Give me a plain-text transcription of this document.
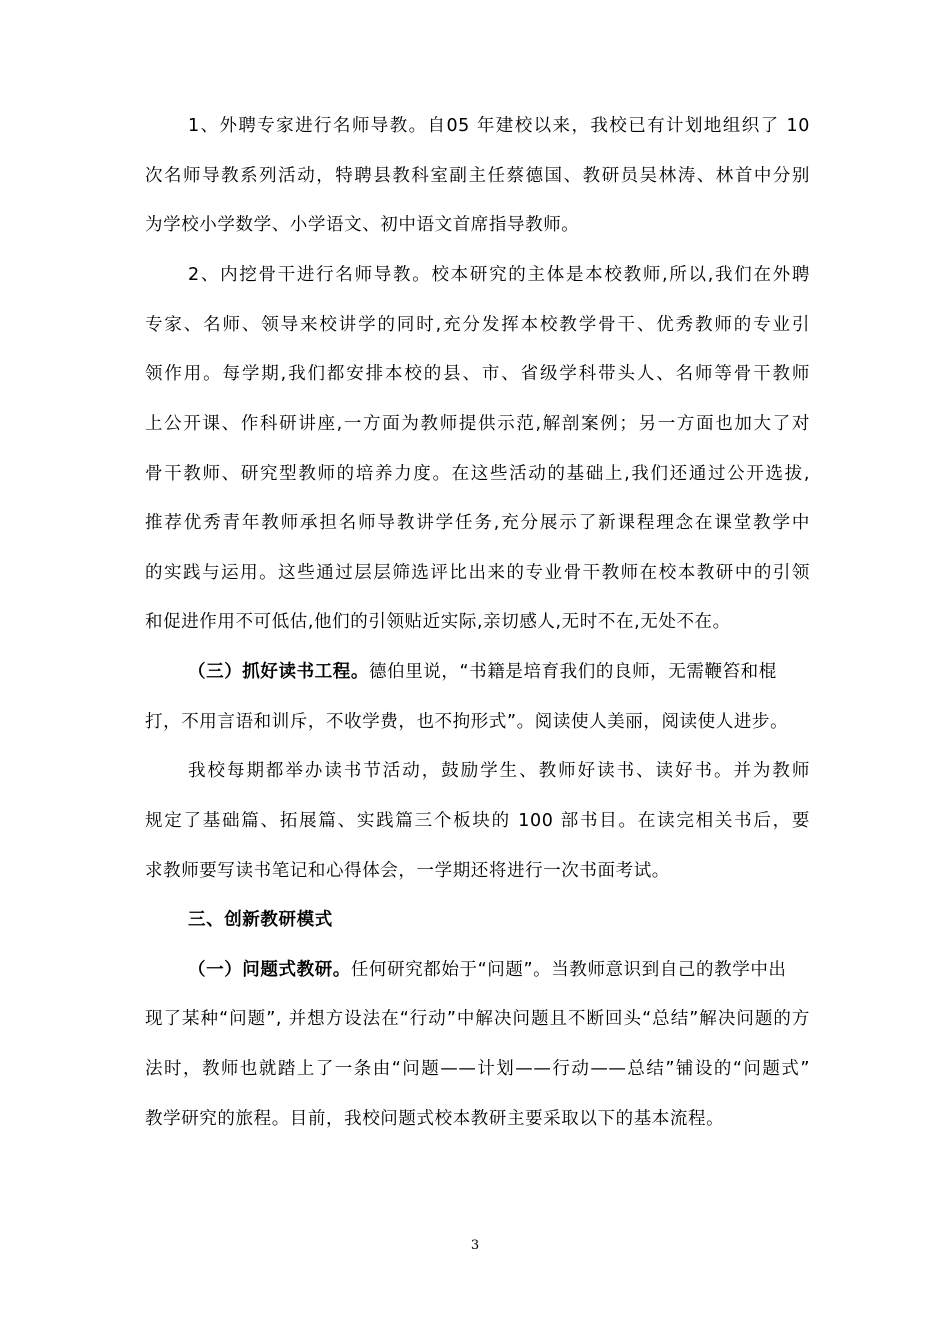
1、外聘专家进行名师导教。自05 年建校以来，我校已有计划地组织了 10
次名师导教系列活动，特聘县教科室副主任蔡德国、教研员吴林涛、林首中分别
为学校小学数学、小学语文、初中语文首席指导教师。
2、内挖骨干进行名师导教。校本研究的主体是本校教师,所以,我们在外聘
专家、名师、领导来校讲学的同时,充分发挥本校教学骨干、优秀教师的专业引
领作用。每学期,我们都安排本校的县、市、省级学科带头人、名师等骨干教师
上公开课、作科研讲座,一方面为教师提供示范,解剖案例；另一方面也加大了对
骨干教师、研究型教师的培养力度。在这些活动的基础上,我们还通过公开选拔,
推荐优秀青年教师承担名师导教讲学任务,充分展示了新课程理念在课堂教学中
的实践与运用。这些通过层层筛选评比出来的专业骨干教师在校本教研中的引领
和促进作用不可低估,他们的引领贴近实际,亲切感人,无时不在,无处不在。
（三）抓好读书工程。德伯里说，“书籍是培育我们的良师，无需鞭笞和棍
打，不用言语和训斥，不收学费，也不拘形式”。阅读使人美丽，阅读使人进步。
我校每期都举办读书节活动，鼓励学生、教师好读书、读好书。并为教师
规定了基础篇、拓展篇、实践篇三个板块的 100 部书目。在读完相关书后，要
求教师要写读书笔记和心得体会，一学期还将进行一次书面考试。
三、创新教研模式
（一）问题式教研。任何研究都始于“问题”。当教师意识到自己的教学中出
现了某种“问题”, 并想方设法在“行动”中解决问题且不断回头“总结”解决问题的方
法时，教师也就踏上了一条由“问题——计划——行动——总结”铺设的“问题式”
教学研究的旅程。目前，我校问题式校本教研主要采取以下的基本流程。
3
